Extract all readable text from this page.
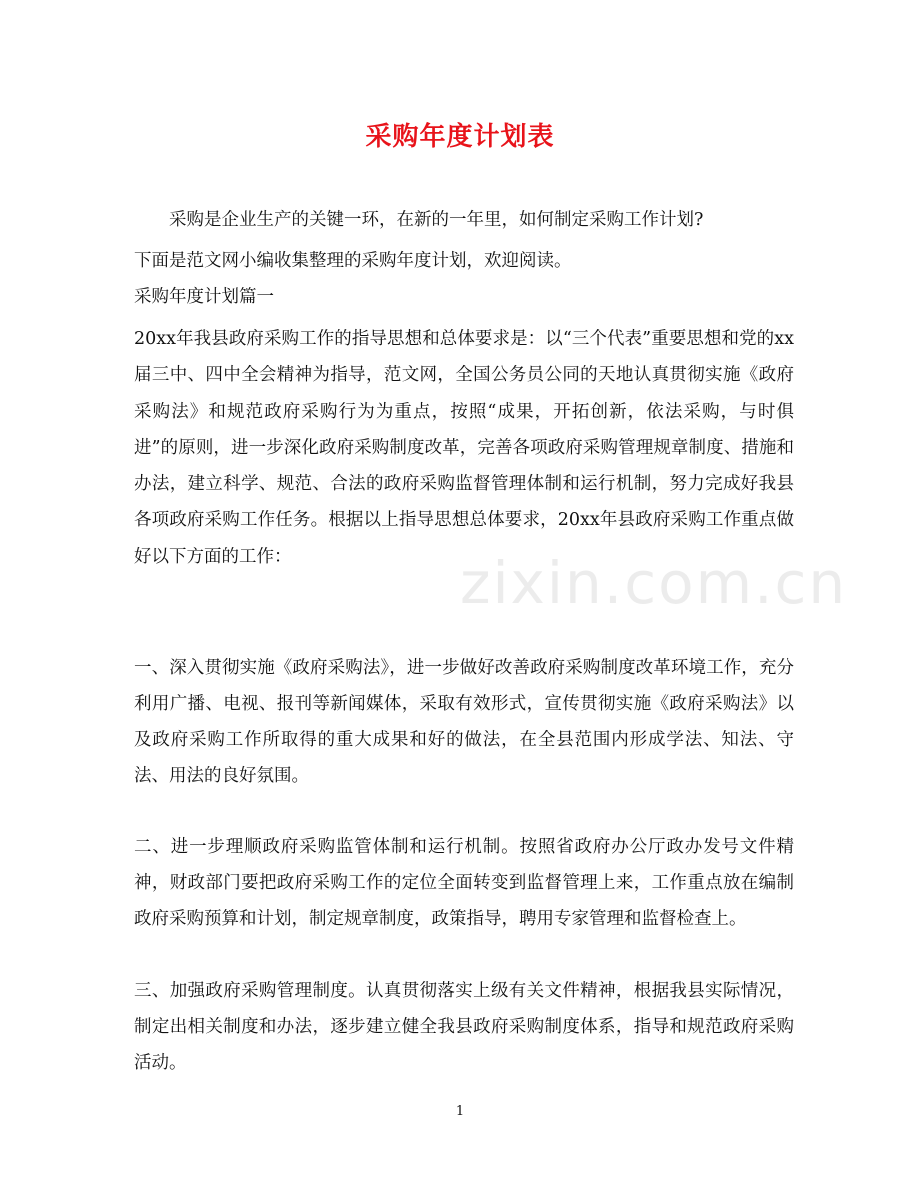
采购年度计划表
采购是企业生产的关键一环，在新的一年里，如何制定采购工作计划?
下面是范文网小编收集整理的采购年度计划，欢迎阅读。
采购年度计划篇一
20xx年我县政府采购工作的指导思想和总体要求是：以“三个代表”重要思想和党的xx届三中、四中全会精神为指导，范文网，全国公务员公同的天地认真贯彻实施《政府采购法》和规范政府采购行为为重点，按照“成果，开拓创新，依法采购，与时俱进”的原则，进一步深化政府采购制度改革，完善各项政府采购管理规章制度、措施和办法，建立科学、规范、合法的政府采购监督管理体制和运行机制，努力完成好我县各项政府采购工作任务。根据以上指导思想总体要求，20xx年县政府采购工作重点做好以下方面的工作：
一、深入贯彻实施《政府采购法》，进一步做好改善政府采购制度改革环境工作，充分利用广播、电视、报刊等新闻媒体，采取有效形式，宣传贯彻实施《政府采购法》以及政府采购工作所取得的重大成果和好的做法，在全县范围内形成学法、知法、守法、用法的良好氛围。
二、进一步理顺政府采购监管体制和运行机制。按照省政府办公厅政办发号文件精神，财政部门要把政府采购工作的定位全面转变到监督管理上来，工作重点放在编制政府采购预算和计划，制定规章制度，政策指导，聘用专家管理和监督检查上。
三、加强政府采购管理制度。认真贯彻落实上级有关文件精神，根据我县实际情况，制定出相关制度和办法，逐步建立健全我县政府采购制度体系，指导和规范政府采购活动。
zixin.com.cn
1
